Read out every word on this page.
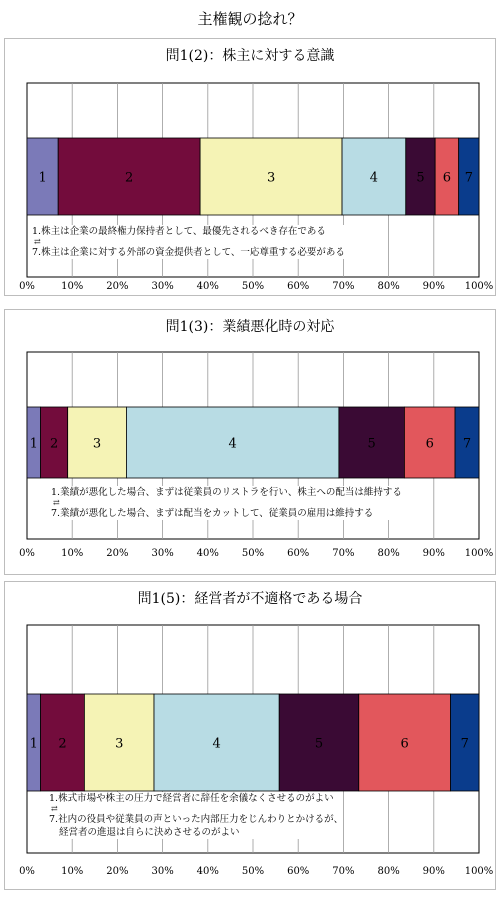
主権観の捻れ？
問1(2)：株主に対する意識
1	2	3	4	5 6 7
0%	10% 20% 30% 40% 50% 60% 70% 80% 90% 100%
1.株主は企業の最終権力保持者として、最優先されるべき存在である
⇄
7.株主は企業に対する外部の資金提供者として、一応尊重する必要がある
問1(3)：業績悪化時の対応
1 2	3	4	5	6 7
0%	10% 20% 30% 40% 50% 60% 70% 80% 90% 100%
1.業績が悪化した場合、まずは従業員のリストラを行い、株主への配当は維持する
⇄
7.業績が悪化した場合、まずは配当をカットして、従業員の雇用は維持する
問1(5)：経営者が不適格である場合
1 2	3	4	5	6	7
0%	10% 20% 30% 40% 50% 60% 70% 80% 90% 100%
1.株式市場や株主の圧力で経営者に辞任を余儀なくさせるのがよい
⇄
7.社内の役員や従業員の声といった内部圧力をじんわりとかけるが、
経営者の進退は自らに決めさせるのがよい
